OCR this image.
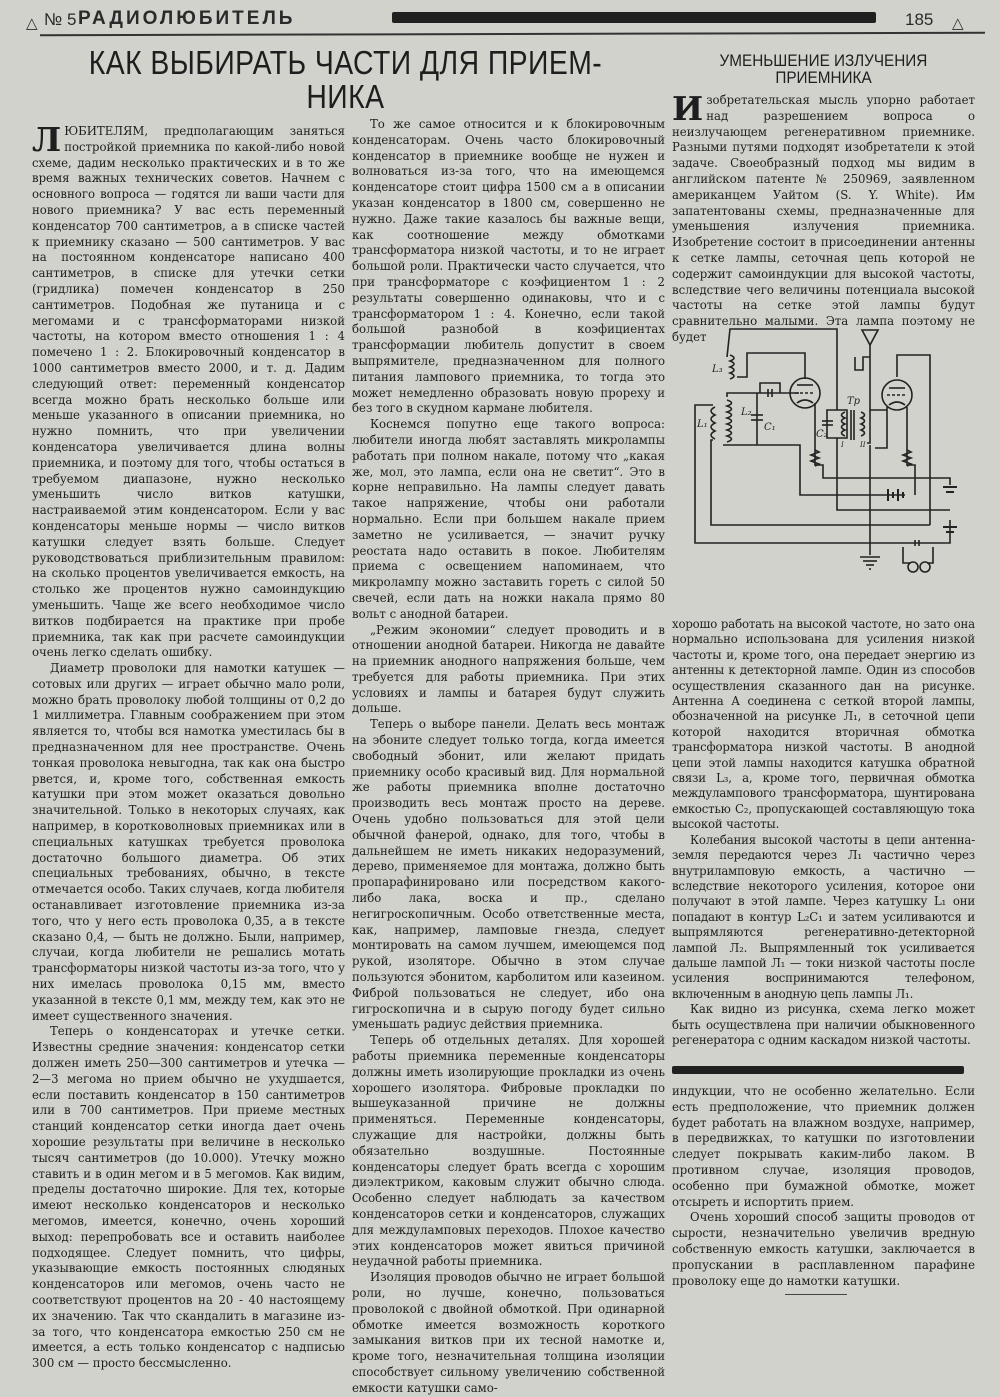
△ № 5 РАДИОЛЮБИТЕЛЬ	185 △
КАК ВЫБИРАТЬ ЧАСТИ ДЛЯ ПРИЕМ-
НИКА

ЛЮБИТЕЛЯМ, предполагающим заняться постройкой приемника по какой-либо новой схеме, дадим несколько практических и в то же время важных технических советов. Начнем с основного вопроса — годятся ли ваши части для нового приемника? У вас есть переменный конденсатор 700 сантиметров, а в списке частей к приемнику сказано — 500 сантиметров. У вас на постоянном конденсаторе написано 400 сантиметров, в списке для утечки сетки (гридлика) помечен конденсатор в 250 сантиметров. Подобная же путаница и с мегомами и с трансформаторами низкой частоты, на котором вместо отношения 1 : 4 помечено 1 : 2. Блокировочный конденсатор в 1000 сантиметров вместо 2000, и т. д. Дадим следующий ответ: переменный конденсатор всегда можно брать несколько больше или меньше указанного в описании приемника, но нужно помнить, что при увеличении конденсатора увеличивается длина волны приемника, и поэтому для того, чтобы остаться в требуемом диапазоне, нужно несколько уменьшить число витков катушки, настраиваемой этим конденсатором. Если у вас конденсаторы меньше нормы — число витков катушки следует взять больше. Следует руководствоваться приблизительным правилом: на сколько процентов увеличивается емкость, на столько же процентов нужно самоиндукцию уменьшить. Чаще же всего необходимое число витков подбирается на практике при пробе приемника, так как при расчете самоиндукции очень легко сделать ошибку.

Диаметр проволоки для намотки катушек — сотовых или других — играет обычно мало роли, можно брать проволоку любой толщины от 0,2 до 1 миллиметра. Главным соображением при этом является то, чтобы вся намотка уместилась бы в предназначенном для нее пространстве. Очень тонкая проволока невыгодна, так как она быстро рвется, и, кроме того, собственная емкость катушки при этом может оказаться довольно значительной. Только в некоторых случаях, как например, в коротковолновых приемниках или в специальных катушках требуется проволока достаточно большого диаметра. Об этих специальных требованиях, обычно, в тексте отмечается особо. Таких случаев, когда любителя останавливает изготовление приемника из-за того, что у него есть проволока 0,35, а в тексте сказано 0,4, — быть не должно. Были, например, случаи, когда любители не решались мотать трансформаторы низкой частоты из-за того, что у них имелась проволока 0,15 мм, вместо указанной в тексте 0,1 мм, между тем, как это не имеет существенного значения.

Теперь о конденсаторах и утечке сетки. Известны средние значения: конденсатор сетки должен иметь 250—300 сантиметров и утечка — 2—3 мегома но прием обычно не ухудшается, если поставить конденсатор в 150 сантиметров или в 700 сантиметров. При приеме местных станций конденсатор сетки иногда дает очень хорошие результаты при величине в несколько тысяч сантиметров (до 10.000). Утечку можно ставить и в один мегом и в 5 мегомов. Как видим, пределы достаточно широкие. Для тех, которые имеют несколько конденсаторов и несколько мегомов, имеется, конечно, очень хороший выход: перепробовать все и оставить наиболее подходящее. Следует помнить, что цифры, указывающие емкость постоянных слюдяных конденсаторов или мегомов, очень часто не соответствуют процентов на 20 - 40 настоящему их значению. Так что скандалить в магазине из-за того, что конденсатора емкостью 250 см не имеется, а есть только конденсатор с надписью 300 см — просто бессмысленно.

То же самое относится и к блокировочным конденсаторам. Очень часто блокировочный конденсатор в приемнике вообще не нужен и волноваться из-за того, что на имеющемся конденсаторе стоит цифра 1500 см а в описании указан конденсатор в 1800 см, совершенно не нужно. Даже такие казалось бы важные вещи, как соотношение между обмотками трансформатора низкой частоты, и то не играет большой роли. Практически часто случается, что при трансформаторе с коэфициентом 1 : 2 результаты совершенно одинаковы, что и с трансформатором 1 : 4. Конечно, если такой большой разнобой в коэфициентах трансформации любитель допустит в своем выпрямителе, предназначенном для полного питания лампового приемника, то тогда это может немедленно образовать новую прореху и без того в скудном кармане любителя.

Коснемся попутно еще такого вопроса: любители иногда любят заставлять микролампы работать при полном накале, потому что „какая же, мол, это лампа, если она не светит“. Это в корне неправильно. На лампы следует давать такое напряжение, чтобы они работали нормально. Если при большем накале прием заметно не усиливается, — значит ручку реостата надо оставить в покое. Любителям приема с освещением напоминаем, что микролампу можно заставить гореть с силой 50 свечей, если дать на ножки накала прямо 80 вольт с анодной батареи.

„Режим экономии“ следует проводить и в отношении анодной батареи. Никогда не давайте на приемник анодного напряжения больше, чем требуется для работы приемника. При этих условиях и лампы и батарея будут служить дольше.

Теперь о выборе панели. Делать весь монтаж на эбоните следует только тогда, когда имеется свободный эбонит, или желают придать приемнику особо красивый вид. Для нормальной же работы приемника вполне достаточно производить весь монтаж просто на дереве. Очень удобно пользоваться для этой цели обычной фанерой, однако, для того, чтобы в дальнейшем не иметь никаких недоразумений, дерево, применяемое для монтажа, должно быть пропарафинировано или посредством какого-либо лака, воска и пр., сделано негигроскопичным. Особо ответственные места, как, например, ламповые гнезда, следует монтировать на самом лучшем, имеющемся под рукой, изоляторе. Обычно в этом случае пользуются эбонитом, карболитом или казеином. Фиброй пользоваться не следует, ибо она гигроскопична и в сырую погоду будет сильно уменьшать радиус действия приемника.

Теперь об отдельных деталях. Для хорошей работы приемника переменные конденсаторы должны иметь изолирующие прокладки из очень хорошего изолятора. Фибровые прокладки по вышеуказанной причине не должны применяться. Переменные конденсаторы, служащие для настройки, должны быть обязательно воздушные. Постоянные конденсаторы следует брать всегда с хорошим диэлектриком, каковым служит обычно слюда. Особенно следует наблюдать за качеством конденсаторов сетки и конденсаторов, служащих для междуламповых переходов. Плохое качество этих конденсаторов может явиться причиной неудачной работы приемника.

Изоляция проводов обычно не играет большой роли, но лучше, конечно, пользоваться проволокой с двойной обмоткой. При одинарной обмотке имеется возможность короткого замыкания витков при их тесной намотке и, кроме того, незначительная толщина изоляции способствует сильному увеличению собственной емкости катушки само-

УМЕНЬШЕНИЕ ИЗЛУЧЕНИЯ
ПРИЕМНИКА

Изобретательская мысль упорно работает над разрешением вопроса о неизлучающем регенеративном приемнике. Разными путями подходят изобретатели к этой задаче. Своеобразный подход мы видим в английском патенте № 250969, заявленном американцем Уайтом (S. Y. White). Им запатентованы схемы, предназначенные для уменьшения излучения приемника. Изобретение состоит в присоединении антенны к сетке лампы, сеточная цепь которой не содержит самоиндукции для высокой частоты, вследствие чего величины потенциала высокой частоты на сетке этой лампы будут сравнительно малыми. Эта лампа поэтому не будет

L₃
L₂
L₁	C₁
C₂
Tp
I II

хорошо работать на высокой частоте, но зато она нормально использована для усиления низкой частоты и, кроме того, она передает энергию из антенны к детекторной лампе. Один из способов осуществления сказанного дан на рисунке. Антенна A соединена с сеткой второй лампы, обозначенной на рисунке Л₁, в сеточной цепи которой находится вторичная обмотка трансформатора низкой частоты. В анодной цепи этой лампы находится катушка обратной связи L₃, а, кроме того, первичная обмотка междулампового трансформатора, шунтирована емкостью C₂, пропускающей составляющую тока высокой частоты.

Колебания высокой частоты в цепи антенна-земля передаются через Л₁ частично через внутриламповую емкость, а частично — вследствие некоторого усиления, которое они получают в этой лампе. Через катушку L₁ они попадают в контур L₂C₁ и затем усиливаются и выпрямляются регенеративно-детекторной лампой Л₂. Выпрямленный ток усиливается дальше лампой Л₁ — токи низкой частоты после усиления воспринимаются телефоном, включенным в анодную цепь лампы Л₁.

Как видно из рисунка, схема легко может быть осуществлена при наличии обыкновенного регенератора с одним каскадом низкой частоты.

индукции, что не особенно желательно. Если есть предположение, что приемник должен будет работать на влажном воздухе, например, в передвижках, то катушки по изготовлении следует покрывать каким-либо лаком. В противном случае, изоляция проводов, особенно при бумажной обмотке, может отсыреть и испортить прием.

Очень хороший способ защиты проводов от сырости, незначительно увеличив вредную собственную емкость катушки, заключается в пропускании в расплавленном парафине проволоку еще до намотки катушки.
